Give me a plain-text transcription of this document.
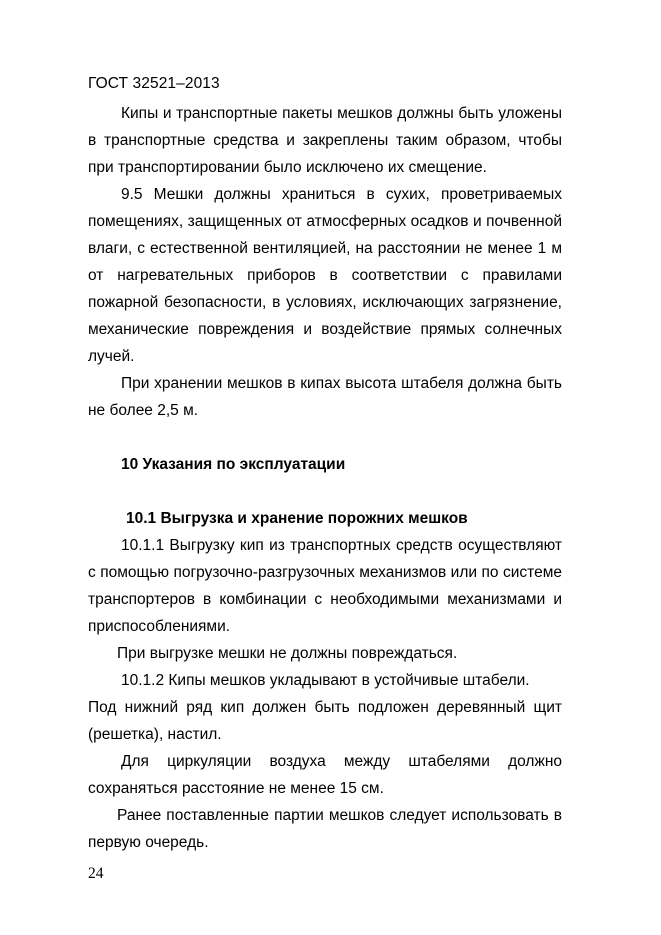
ГОСТ 32521–2013

Кипы и транспортные пакеты мешков должны быть уложены в транспортные средства и закреплены таким образом, чтобы при транспортировании было исключено их смещение.

9.5 Мешки должны храниться в сухих, проветриваемых помещениях, защищенных от атмосферных осадков и почвенной влаги, с естественной вентиляцией, на расстоянии не менее 1 м от нагревательных приборов в соответствии с правилами пожарной безопасности, в условиях, исключающих загрязнение, механические повреждения и воздействие прямых солнечных лучей.

При хранении мешков в кипах высота штабеля должна быть не более 2,5 м.

10 Указания по эксплуатации
10.1 Выгрузка и хранение порожних мешков

10.1.1 Выгрузку кип из транспортных средств осуществляют с помощью погрузочно-разгрузочных механизмов или по системе транспортеров в комбинации с необходимыми механизмами и приспособлениями.

При выгрузке мешки не должны повреждаться.

10.1.2 Кипы мешков укладывают в устойчивые штабели.

Под нижний ряд кип должен быть подложен деревянный щит (решетка), настил.

Для циркуляции воздуха между штабелями должно сохраняться расстояние не менее 15 см.

Ранее поставленные партии мешков следует использовать в первую очередь.

24
